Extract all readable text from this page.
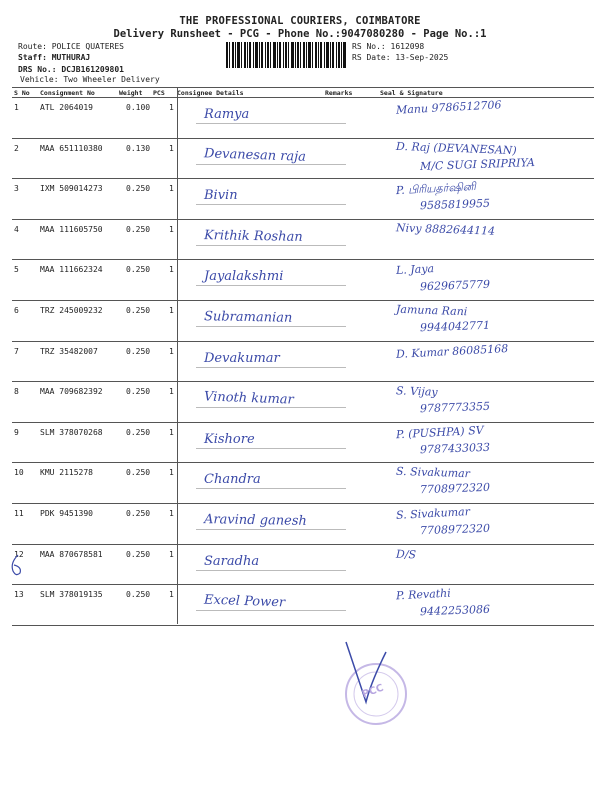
THE PROFESSIONAL COURIERS, COIMBATORE
Delivery Runsheet - PCG - Phone No.:9047080280 - Page No.:1
Route: POLICE QUATERES
Staff: MUTHURAJ
DRS No.: DCJB161209801
RS No.: 1612098
RS Date: 13-Sep-2025
Vehicle: Two Wheeler Delivery
S No Consignment No	Weight PCS Consignee Details	Remarks	Seal & Signature
1	ATL 2064019	0.100 1 Ramya	Manu 9786512706
2	MAA 651110380	0.130 1 Devanesan raja	D. Raj (DEVANESAN)
M/C SUGI SRIPRIYA
3	IXM 509014273	0.250 1 Bivin	P. பிரியதர்ஷினி
9585819955
4	MAA 111605750	0.250 1 Krithik Roshan	Nivy 8882644114
5	MAA 111662324	0.250 1 Jayalakshmi	L. Jaya
9629675779
6	TRZ 245009232	0.250 1 Subramanian	Jamuna Rani
9944042771
7	TRZ 35482007	0.250 1 Devakumar	D. Kumar 86085168
8	MAA 709682392	0.250 1 Vinoth kumar	S. Vijay
9787773355
9	SLM 378070268	0.250 1 Kishore	P. (PUSHPA) SV
9787433033
10 KMU 2115278	0.250 1 Chandra	S. Sivakumar
7708972320
11 PDK 9451390	0.250 1 Aravind ganesh	S. Sivakumar
7708972320
12 MAA 870678581	0.250 1 Saradha	D/S
13 SLM 378019135	0.250 1 Excel Power	P. Revathi
9442253086
PCC
